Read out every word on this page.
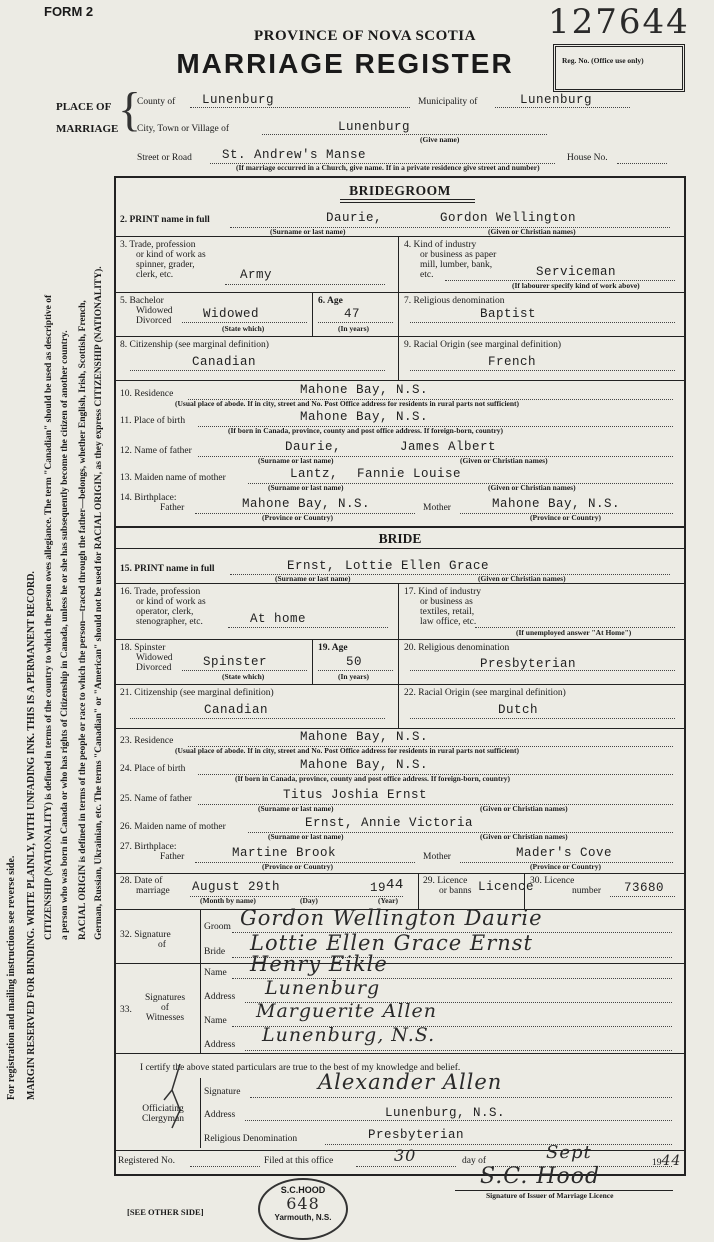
FORM 2	127644
PROVINCE OF NOVA SCOTIA
MARRIAGE REGISTER	Reg. No. (Office use only)
PLACE OF
MARRIAGE {
County of Lunenburg	Municipality of	Lunenburg
City, Town or Village of	Lunenburg
(Give name)
Street or Road St. Andrew's Manse	House No.
(If marriage occurred in a Church, give name. If in a private residence give street and number)
For registration and mailing instructions see reverse side. MARGIN RESERVED FOR BINDING. WRITE PLAINLY, WITH UNFADING INK. THIS IS A PERMANENT RECORD. CITIZENSHIP (NATIONALITY) is defined in terms of the country to which the person owes allegiance. The term "Canadian" should be used as descriptive of a person who was born in Canada or who has rights of Citizenship in Canada, unless he or she has subsequently become the citizen of another country. RACIAL ORIGIN is defined in terms of the people or race to which the person—traced through the father—belongs, whether English, Irish, Scottish, French, German, Russian, Ukrainian, etc. The terms "Canadian" or "American" should not be used for RACIAL ORIGIN, as they express CITIZENSHIP (NATIONALITY).
BRIDEGROOM
2. PRINT name in full	Daurie,	Gordon Wellington
(Surname or last name)	(Given or Christian names)
3. Trade, profession
or kind of work as
spinner, grader,
clerk, etc.	Army
4. Kind of industry
or business as paper
mill, lumber, bank,
etc.	Serviceman
(If labourer specify kind of work above)
5. Bachelor
Widowed
Divorced	Widowed
(State which)
6. Age
47
(In years)
7. Religious denomination
Baptist
8. Citizenship (see marginal definition)
Canadian
9. Racial Origin (see marginal definition)
French
10. Residence	Mahone Bay, N.S.
(Usual place of abode. If in city, street and No. Post Office address for residents in rural parts not sufficient)
11. Place of birth	Mahone Bay, N.S.
(If born in Canada, province, county and post office address. If foreign-born, country)
12. Name of father	Daurie,	James Albert
(Surname or last name)	(Given or Christian names)
13. Maiden name of mother	Lantz, Fannie Louise
(Surname or last name)	(Given or Christian names)
14. Birthplace:
Father	Mahone Bay, N.S.	Mother	Mahone Bay, N.S.
(Province or Country)	(Province or Country)
BRIDE
15. PRINT name in full	Ernst, Lottie Ellen Grace
(Surname or last name)	(Given or Christian names)
16. Trade, profession
or kind of work as
operator, clerk,
stenographer, etc.	At home
17. Kind of industry
or business as
textiles, retail,
law office, etc.
(If unemployed answer "At Home")
18. Spinster
Widowed
Divorced	Spinster
(State which)
19. Age
50
(In years)
20. Religious denomination
Presbyterian
21. Citizenship (see marginal definition)
Canadian
22. Racial Origin (see marginal definition)
Dutch
23. Residence	Mahone Bay, N.S.
(Usual place of abode. If in city, street and No. Post Office address for residents in rural parts not sufficient)
24. Place of birth	Mahone Bay, N.S.
(If born in Canada, province, county and post office address. If foreign-born, country)
25. Name of father	Titus Joshia Ernst
(Surname or last name)	(Given or Christian names)
26. Maiden name of mother	Ernst, Annie Victoria
(Surname or last name)	(Given or Christian names)
27. Birthplace:
Father	Martine Brook	Mother	Mader's Cove
(Province or Country)	(Province or Country)
28. Date of
marriage August 29th	1944
(Month by name)	(Day)	(Year)
29. Licence
or banns Licence
30. Licence
number 73680
32. Signature
of
Groom Gordon Wellington Daurie
Bride Lottie Ellen Grace Ernst
33.
Signatures
of
Witnesses
Name Henry Eikle
Address Lunenburg
Name Marguerite Allen
Address Lunenburg, N.S.
I certify the above stated particulars are true to the best of my knowledge and belief.
Officiating
Clergyman
Signature	Alexander Allen
Address	Lunenburg, N.S.
Religious Denomination	Presbyterian
Registered No.	Filed at this office	30	day of	Sept	1944
S.C. Hood
Signature of Issuer of Marriage Licence
S.C.HOOD
648
Yarmouth, N.S.
[SEE OTHER SIDE]
